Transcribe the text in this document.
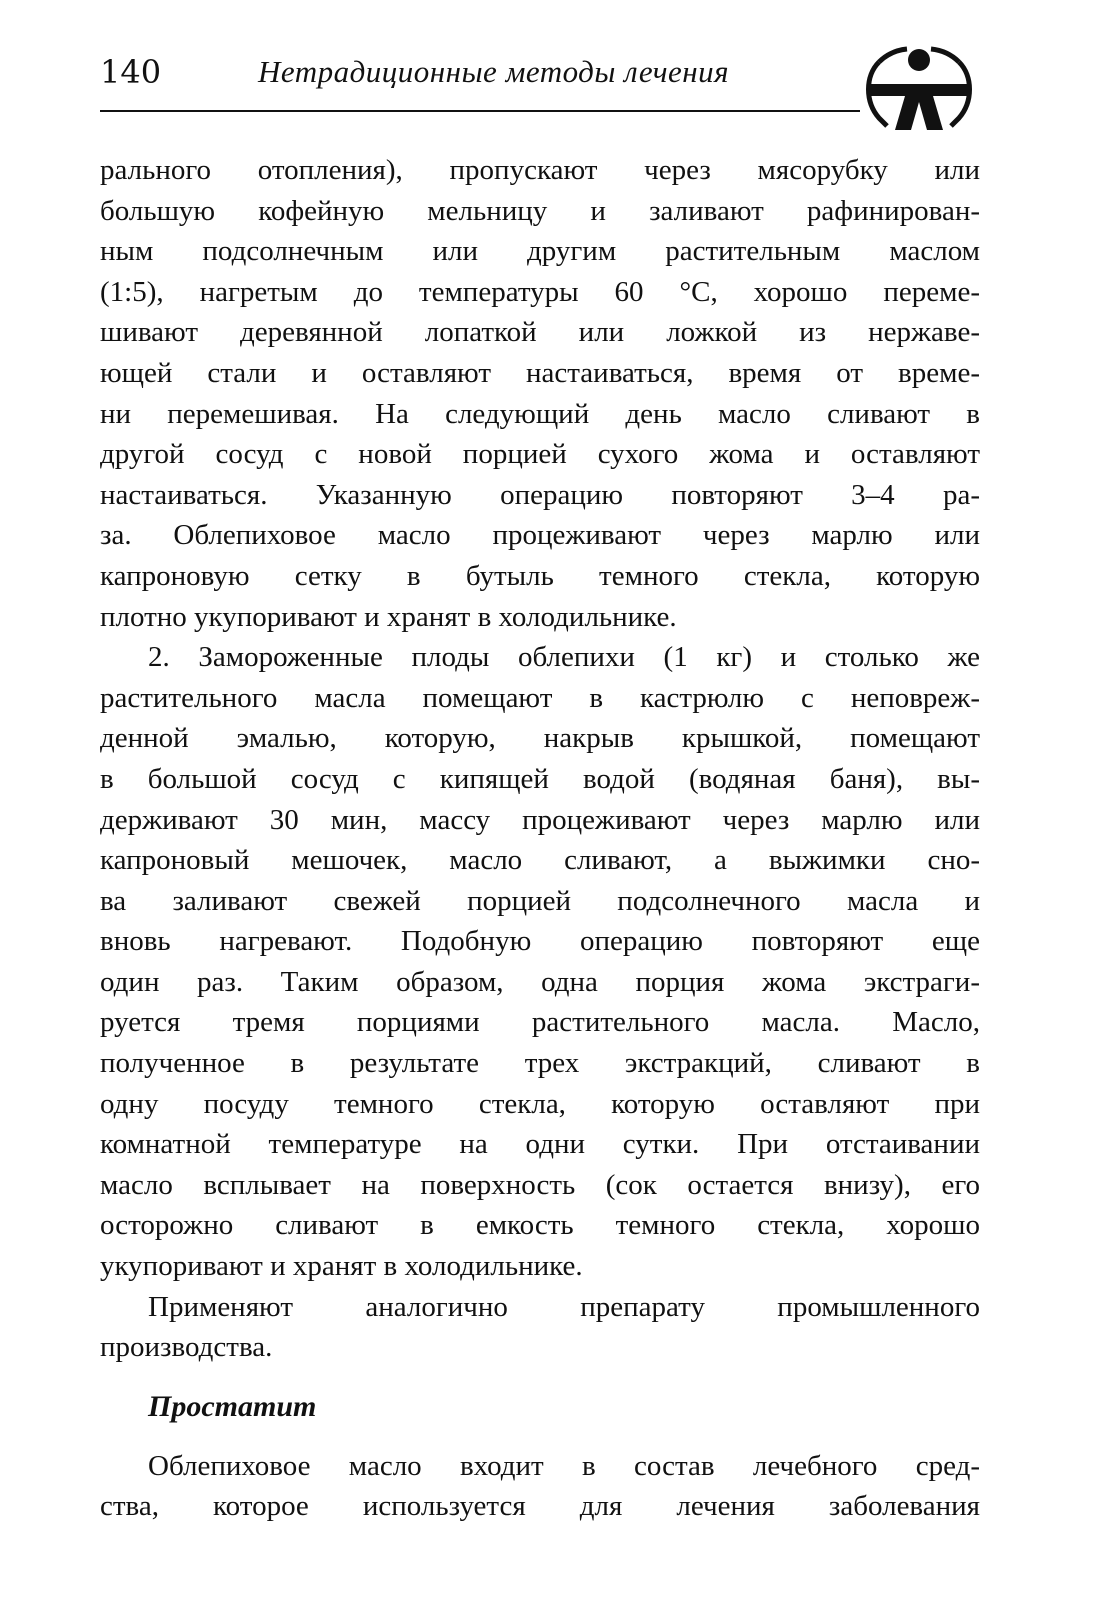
140	Нетрадиционные методы лечения

рального отопления), пропускают через мясорубку или

большую кофейную мельницу и заливают рафинирован-

ным подсолнечным или другим растительным маслом

(1:5), нагретым до температуры 60 °C, хорошо переме-

шивают деревянной лопаткой или ложкой из нержаве-

ющей стали и оставляют настаиваться, время от време-

ни перемешивая. На следующий день масло сливают в

другой сосуд с новой порцией сухого жома и оставляют

настаиваться. Указанную операцию повторяют 3–4 ра-

за. Облепиховое масло процеживают через марлю или

капроновую сетку в бутыль темного стекла, которую

плотно укупоривают и хранят в холодильнике.

2. Замороженные плоды облепихи (1 кг) и столько же

растительного масла помещают в кастрюлю с неповреж-

денной эмалью, которую, накрыв крышкой, помещают

в большой сосуд с кипящей водой (водяная баня), вы-

держивают 30 мин, массу процеживают через марлю или

капроновый мешочек, масло сливают, а выжимки сно-

ва заливают свежей порцией подсолнечного масла и

вновь нагревают. Подобную операцию повторяют еще

один раз. Таким образом, одна порция жома экстраги-

руется тремя порциями растительного масла. Масло,

полученное в результате трех экстракций, сливают в

одну посуду темного стекла, которую оставляют при

комнатной температуре на одни сутки. При отстаивании

масло всплывает на поверхность (сок остается внизу), его

осторожно сливают в емкость темного стекла, хорошо

укупоривают и хранят в холодильнике.

Применяют аналогично препарату промышленного

производства.

Простатит

Облепиховое масло входит в состав лечебного сред-

ства, которое используется для лечения заболевания
